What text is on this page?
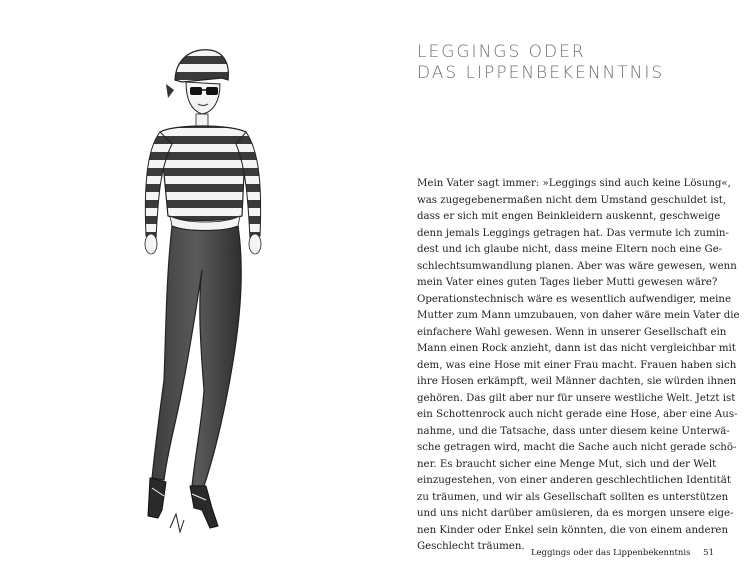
LEGGINGS ODER
DAS LIPPENBEKENNTNIS
Mein Vater sagt immer: »Leggings sind auch keine Lösung«,
was zugegebenermaßen nicht dem Umstand geschuldet ist,
dass er sich mit engen Beinkleidern auskennt, geschweige
denn jemals Leggings getragen hat. Das vermute ich zumin-
dest und ich glaube nicht, dass meine Eltern noch eine Ge-
schlechtsumwandlung planen. Aber was wäre gewesen, wenn
mein Vater eines guten Tages lieber Mutti gewesen wäre?
Operationstechnisch wäre es wesentlich aufwendiger, meine
Mutter zum Mann umzubauen, von daher wäre mein Vater die
einfachere Wahl gewesen. Wenn in unserer Gesellschaft ein
Mann einen Rock anzieht, dann ist das nicht vergleichbar mit
dem, was eine Hose mit einer Frau macht. Frauen haben sich
ihre Hosen erkämpft, weil Männer dachten, sie würden ihnen
gehören. Das gilt aber nur für unsere westliche Welt. Jetzt ist
ein Schottenrock auch nicht gerade eine Hose, aber eine Aus-
nahme, und die Tatsache, dass unter diesem keine Unterwä-
sche getragen wird, macht die Sache auch nicht gerade schö-
ner. Es braucht sicher eine Menge Mut, sich und der Welt
einzugestehen, von einer anderen geschlechtlichen Identität
zu träumen, und wir als Gesellschaft sollten es unterstützen
und uns nicht darüber amüsieren, da es morgen unsere eige-
nen Kinder oder Enkel sein könnten, die von einem anderen
Geschlecht träumen.
Leggings oder das Lippenbekenntnis 51
